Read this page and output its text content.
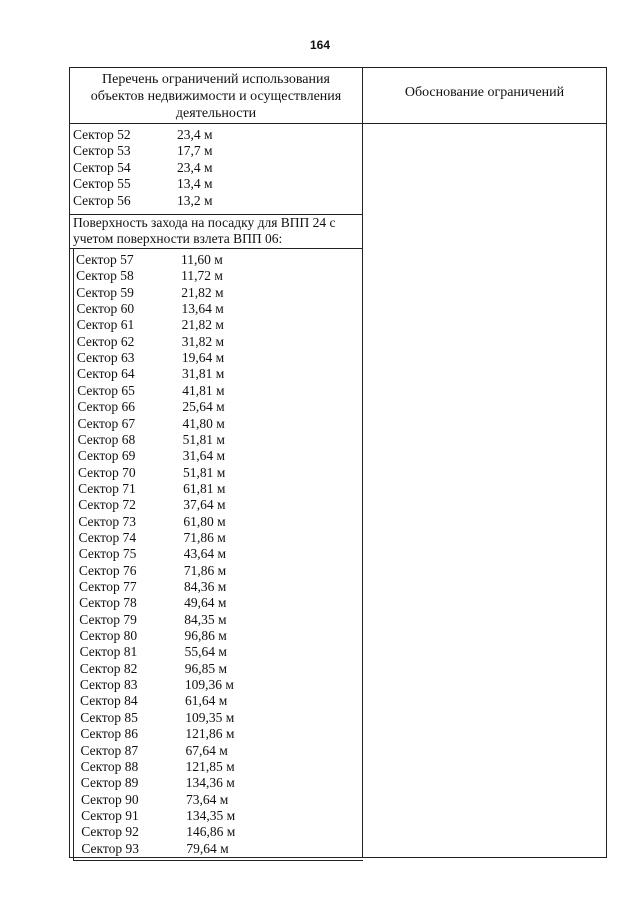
164
Перечень ограничений использования
объектов недвижимости и осуществления
деятельности
Обоснование ограничений
Сектор 52	23,4 м
Сектор 53	17,7 м
Сектор 54	23,4 м
Сектор 55	13,4 м
Сектор 56	13,2 м
Поверхность захода на посадку для ВПП 24 с
учетом поверхности взлета ВПП 06:
Сектор 57	11,60 м
Сектор 58	11,72 м
Сектор 59	21,82 м
Сектор 60	13,64 м
Сектор 61	21,82 м
Сектор 62	31,82 м
Сектор 63	19,64 м
Сектор 64	31,81 м
Сектор 65	41,81 м
Сектор 66	25,64 м
Сектор 67	41,80 м
Сектор 68	51,81 м
Сектор 69	31,64 м
Сектор 70	51,81 м
Сектор 71	61,81 м
Сектор 72	37,64 м
Сектор 73	61,80 м
Сектор 74	71,86 м
Сектор 75	43,64 м
Сектор 76	71,86 м
Сектор 77	84,36 м
Сектор 78	49,64 м
Сектор 79	84,35 м
Сектор 80	96,86 м
Сектор 81	55,64 м
Сектор 82	96,85 м
Сектор 83	109,36 м
Сектор 84	61,64 м
Сектор 85	109,35 м
Сектор 86	121,86 м
Сектор 87	67,64 м
Сектор 88	121,85 м
Сектор 89	134,36 м
Сектор 90	73,64 м
Сектор 91	134,35 м
Сектор 92	146,86 м
Сектор 93	79,64 м
